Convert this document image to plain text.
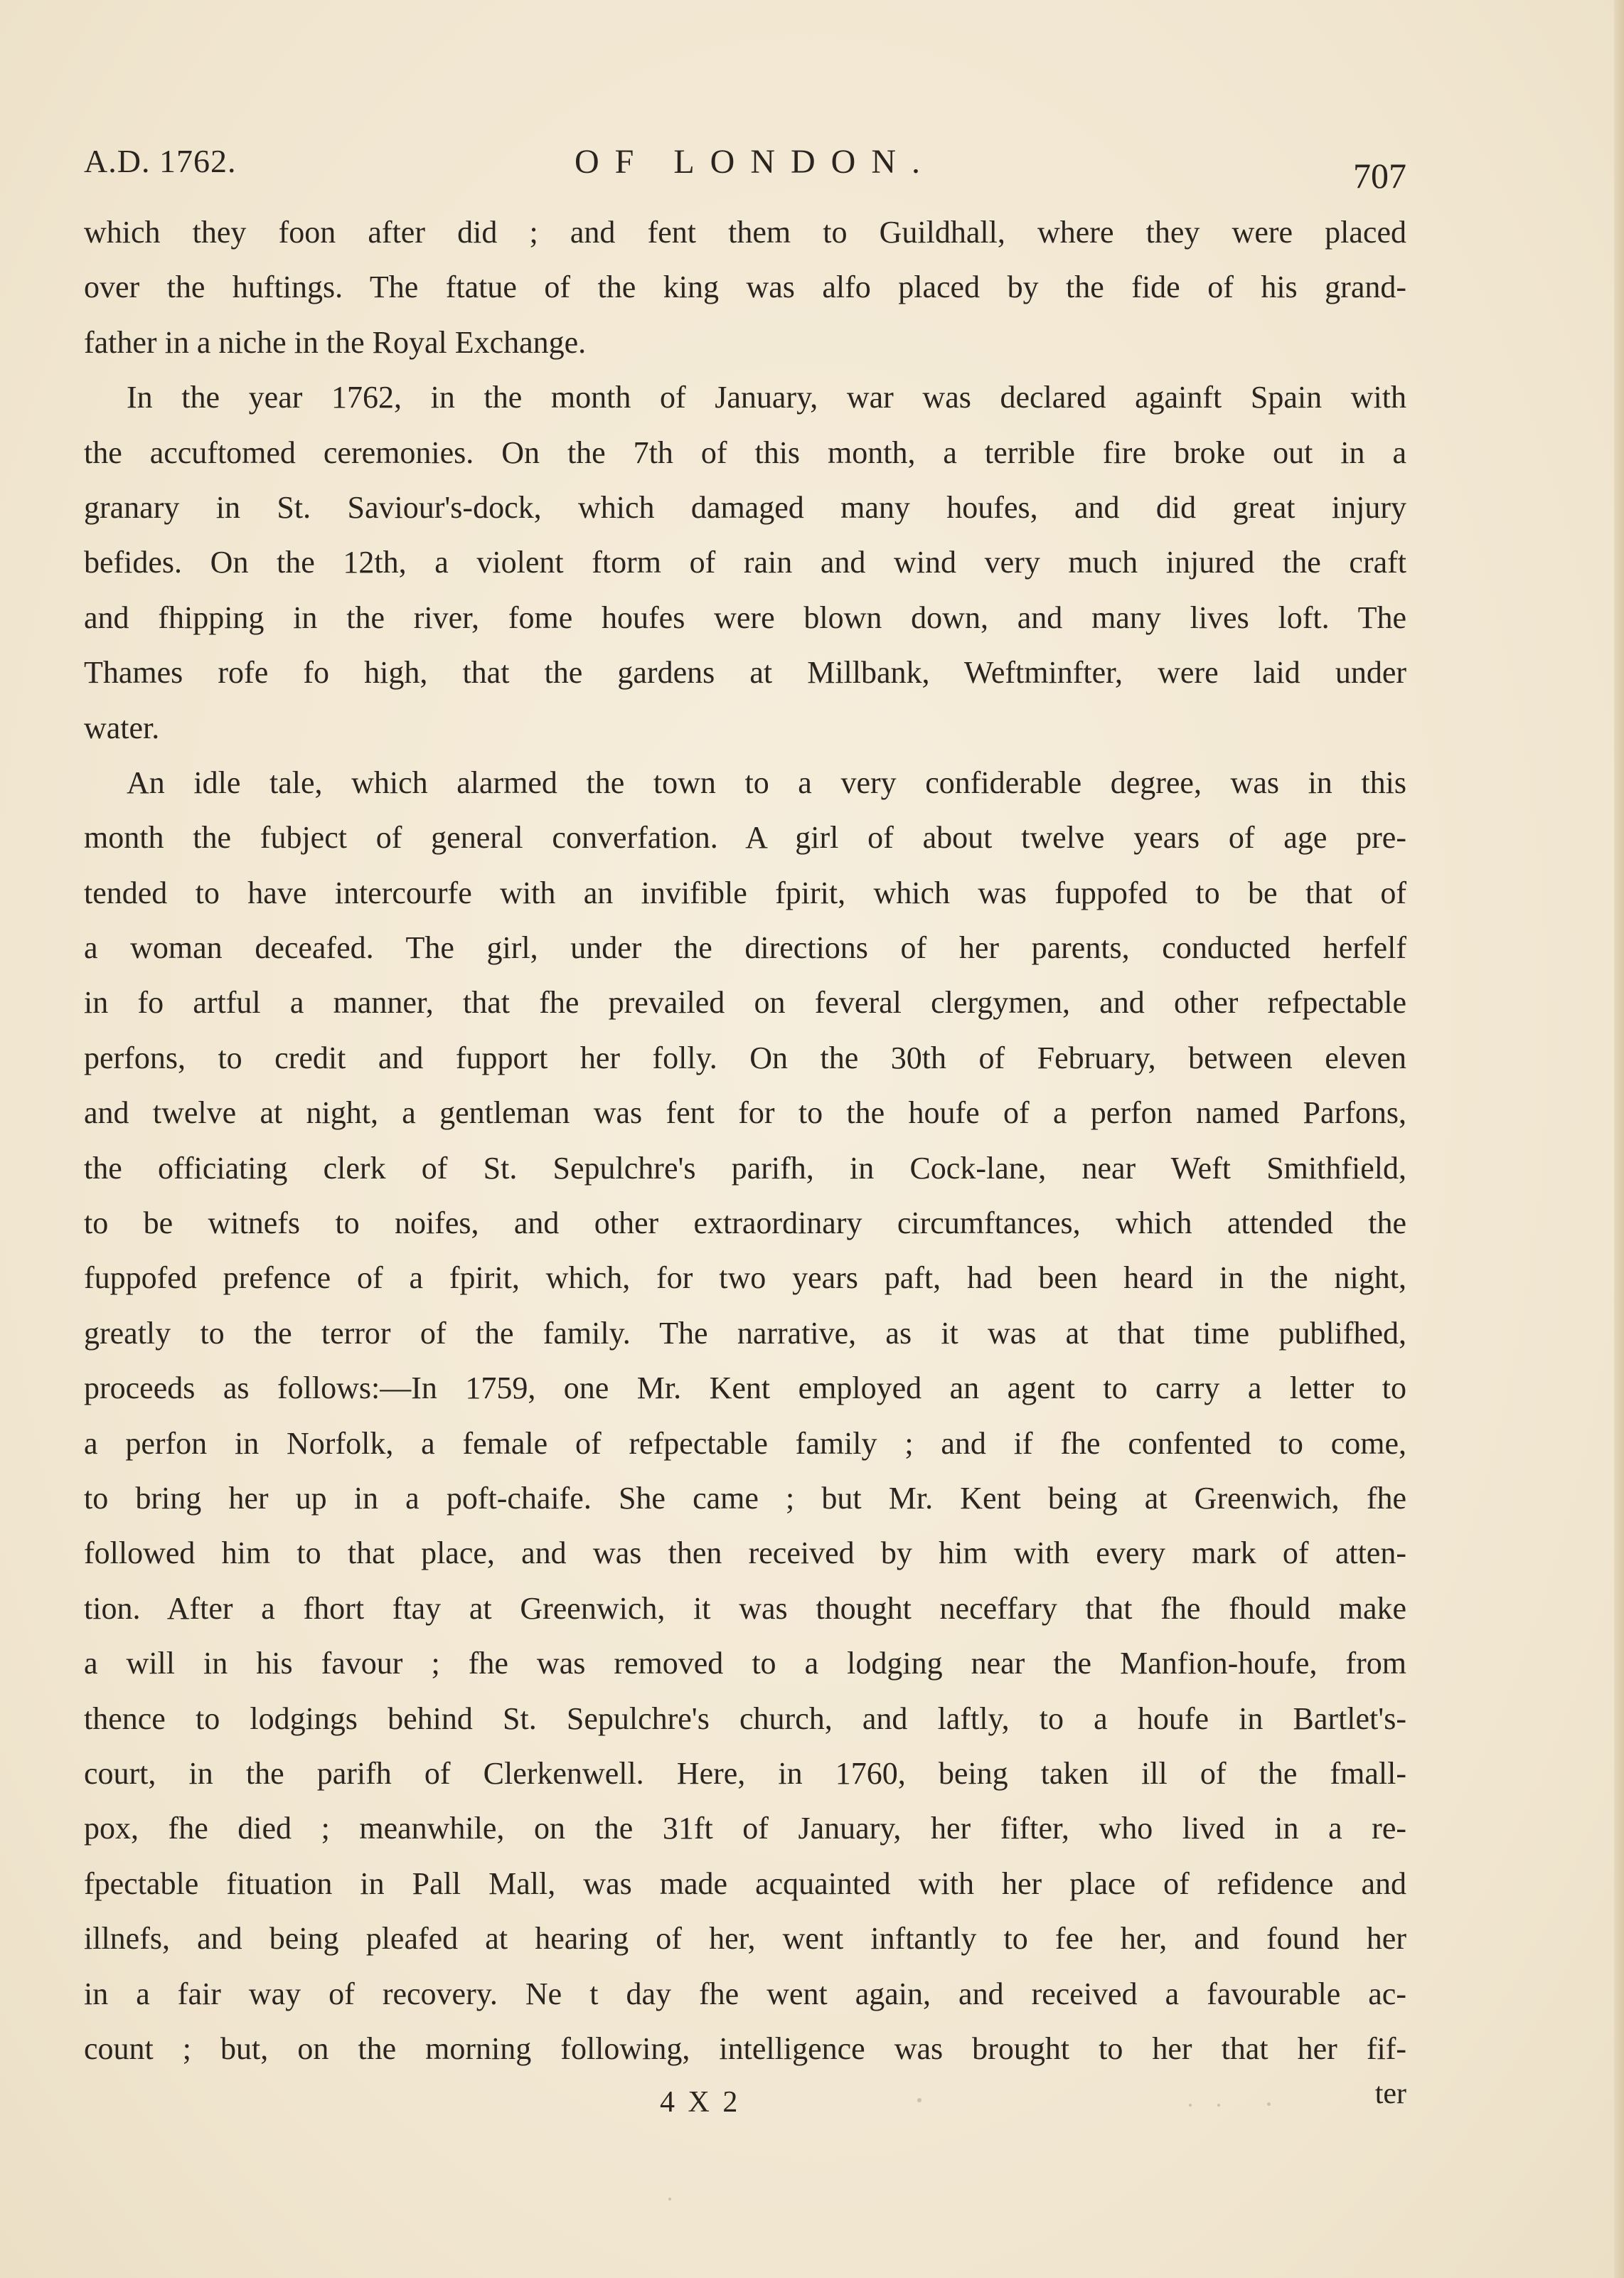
A.D. 1762.	OF LONDON.	707
which they foon after did ; and fent them to Guildhall, where they were placed
over the huftings. The ftatue of the king was alfo placed by the fide of his grand-
father in a niche in the Royal Exchange.
In the year 1762, in the month of January, war was declared againft Spain with
the accuftomed ceremonies. On the 7th of this month, a terrible fire broke out in a
granary in St. Saviour's-dock, which damaged many houfes, and did great injury
befides. On the 12th, a violent ftorm of rain and wind very much injured the craft
and fhipping in the river, fome houfes were blown down, and many lives loft. The
Thames rofe fo high, that the gardens at Millbank, Weftminfter, were laid under
water.
An idle tale, which alarmed the town to a very confiderable degree, was in this
month the fubject of general converfation. A girl of about twelve years of age pre-
tended to have intercourfe with an invifible fpirit, which was fuppofed to be that of
a woman deceafed. The girl, under the directions of her parents, conducted herfelf
in fo artful a manner, that fhe prevailed on feveral clergymen, and other refpectable
perfons, to credit and fupport her folly. On the 30th of February, between eleven
and twelve at night, a gentleman was fent for to the houfe of a perfon named Parfons,
the officiating clerk of St. Sepulchre's parifh, in Cock-lane, near Weft Smithfield,
to be witnefs to noifes, and other extraordinary circumftances, which attended the
fuppofed prefence of a fpirit, which, for two years paft, had been heard in the night,
greatly to the terror of the family. The narrative, as it was at that time publifhed,
proceeds as follows:—In 1759, one Mr. Kent employed an agent to carry a letter to
a perfon in Norfolk, a female of refpectable family ; and if fhe confented to come,
to bring her up in a poft-chaife. She came ; but Mr. Kent being at Greenwich, fhe
followed him to that place, and was then received by him with every mark of atten-
tion. After a fhort ftay at Greenwich, it was thought neceffary that fhe fhould make
a will in his favour ; fhe was removed to a lodging near the Manfion-houfe, from
thence to lodgings behind St. Sepulchre's church, and laftly, to a houfe in Bartlet's-
court, in the parifh of Clerkenwell. Here, in 1760, being taken ill of the fmall-
pox, fhe died ; meanwhile, on the 31ft of January, her fifter, who lived in a re-
fpectable fituation in Pall Mall, was made acquainted with her place of refidence and
illnefs, and being pleafed at hearing of her, went inftantly to fee her, and found her
in a fair way of recovery. Ne t day fhe went again, and received a favourable ac-
count ; but, on the morning following, intelligence was brought to her that her fif-
4 X 2	ter
